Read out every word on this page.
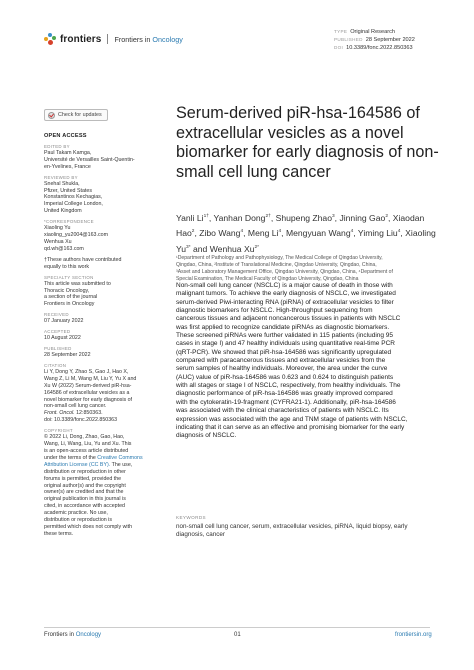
frontiers Frontiers in Oncology
TYPE Original Research
PUBLISHED 28 September 2022
DOI 10.3389/fonc.2022.850363
Check for updates
OPEN ACCESS
EDITED BY
Paul Takam Kamga,
Université de Versailles Saint-Quentin-
en-Yvelines, France
REVIEWED BY
Snehal Shukla,
Pfizer, United States
Konstantinos Kechagias,
Imperial College London,
United Kingdom
*CORRESPONDENCE
Xiaoling Yu
xiaoling_yu2004@163.com
Wenhua Xu
qd.wh@163.com
†These authors have contributed
equally to this work
SPECIALTY SECTION
This article was submitted to
Thoracic Oncology,
a section of the journal
Frontiers in Oncology
RECEIVED
07 January 2022
ACCEPTED
10 August 2022
PUBLISHED
28 September 2022
CITATION
Li Y, Dong Y, Zhao S, Gao J, Hao X,
Wang Z, Li M, Wang M, Liu Y, Yu X and
Xu W (2022) Serum-derived piR-hsa-
164586 of extracellular vesicles as a
novel biomarker for early diagnosis of
non-small cell lung cancer.
Front. Oncol. 12:850363.
doi: 10.3389/fonc.2022.850363
COPYRIGHT
© 2022 Li, Dong, Zhao, Gao, Hao,
Wang, Li, Wang, Liu, Yu and Xu. This
is an open-access article distributed
under the terms of the Creative Commons
Attribution License (CC BY). The use,
distribution or reproduction in other
forums is permitted, provided the
original author(s) and the copyright
owner(s) are credited and that the
original publication in this journal is
cited, in accordance with accepted
academic practice. No use,
distribution or reproduction is
permitted which does not comply with
these terms.
Serum-derived piR-hsa-164586 of extracellular vesicles as a novel biomarker for early diagnosis of non-small cell lung cancer
Yanli $Li^{1\dagger}$, Yanhan Dong$^{2\dagger}$, Shupeng Zhao$^3$, Jinning Gao$^2$, Xiaodan Hao$^2$, Zibo Wang$^4$, Meng Li$^4$, Mengyuan Wang$^4$, Yiming Liu$^4$, Xiaoling $Yu^{3*}$ and Wenhua $Xu^{2*}$
¹Department of Pathology and Pathophysiology, The Medical College of Qingdao University,
Qingdao, China, ²Institute of Translational Medicine, Qingdao University, Qingdao, China,
³Asset and Laboratory Management Office, Qingdao University, Qingdao, China, ⁴Department of
Special Examination, The Medical Faculty of Qingdao University, Qingdao, China
Non-small cell lung cancer (NSCLC) is a major cause of death in those with
malignant tumors. To achieve the early diagnosis of NSCLC, we investigated
serum-derived Piwi-interacting RNA (piRNA) of extracellular vesicles to filter
diagnostic biomarkers for NSCLC. High-throughput sequencing from
cancerous tissues and adjacent noncancerous tissues in patients with NSCLC
was first applied to recognize candidate piRNAs as diagnostic biomarkers.
These screened piRNAs were further validated in 115 patients (including 95
cases in stage I) and 47 healthy individuals using quantitative real-time PCR
(qRT-PCR). We showed that piR-hsa-164586 was significantly upregulated
compared with paracancerous tissues and extracellular vesicles from the
serum samples of healthy individuals. Moreover, the area under the curve
(AUC) value of piR-hsa-164586 was 0.623 and 0.624 to distinguish patients
with all stages or stage I of NSCLC, respectively, from healthy individuals. The
diagnostic performance of piR-hsa-164586 was greatly improved compared
with the cytokeratin-19-fragment (CYFRA21-1). Additionally, piR-hsa-164586
was associated with the clinical characteristics of patients with NSCLC. Its
expression was associated with the age and TNM stage of patients with NSCLC,
indicating that it can serve as an effective and promising biomarker for the early
diagnosis of NSCLC.
KEYWORDS
non-small cell lung cancer, serum, extracellular vesicles, piRNA, liquid biopsy, early
diagnosis, cancer
Frontiers in Oncology	01	frontiersin.org
